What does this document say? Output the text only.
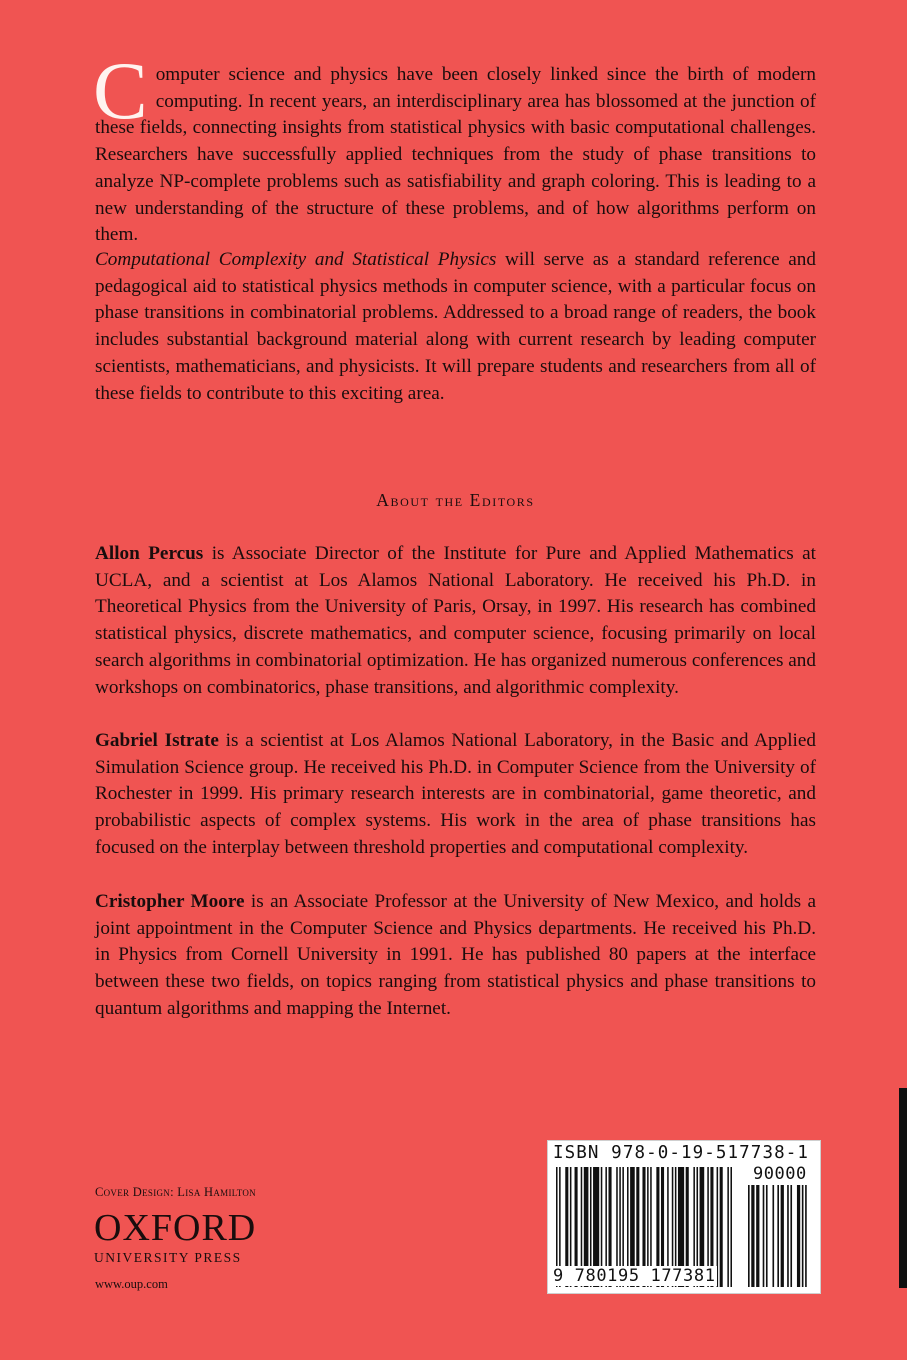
Computer science and physics have been closely linked since the birth of modern computing. In recent years, an interdisciplinary area has blossomed at the junction of these fields, connecting insights from statistical physics with basic computational challenges. Researchers have successfully applied techniques from the study of phase transitions to analyze NP-complete problems such as satisfiability and graph coloring. This is leading to a new understanding of the structure of these problems, and of how algorithms perform on them.
Computational Complexity and Statistical Physics will serve as a standard reference and pedagogical aid to statistical physics methods in computer science, with a particular focus on phase transitions in combinatorial problems. Addressed to a broad range of readers, the book includes substantial background material along with current research by leading computer scientists, mathematicians, and physicists. It will prepare students and researchers from all of these fields to contribute to this exciting area.
About the Editors
Allon Percus is Associate Director of the Institute for Pure and Applied Mathematics at UCLA, and a scientist at Los Alamos National Laboratory. He received his Ph.D. in Theoretical Physics from the University of Paris, Orsay, in 1997. His research has combined statistical physics, discrete mathematics, and computer science, focusing primarily on local search algorithms in combinatorial optimization. He has organized numerous conferences and workshops on combinatorics, phase transitions, and algorithmic complexity.
Gabriel Istrate is a scientist at Los Alamos National Laboratory, in the Basic and Applied Simulation Science group. He received his Ph.D. in Computer Science from the University of Rochester in 1999. His primary research interests are in combinatorial, game theoretic, and probabilistic aspects of complex systems. His work in the area of phase transitions has focused on the interplay between threshold properties and computational complexity.
Cristopher Moore is an Associate Professor at the University of New Mexico, and holds a joint appointment in the Computer Science and Physics departments. He received his Ph.D. in Physics from Cornell University in 1991. He has published 80 papers at the interface between these two fields, on topics ranging from statistical physics and phase transitions to quantum algorithms and mapping the Internet.
Cover Design: Lisa Hamilton
OXFORD
UNIVERSITY PRESS
www.oup.com
ISBN 978-0-19-517738-1
90000
9 780195 177381
